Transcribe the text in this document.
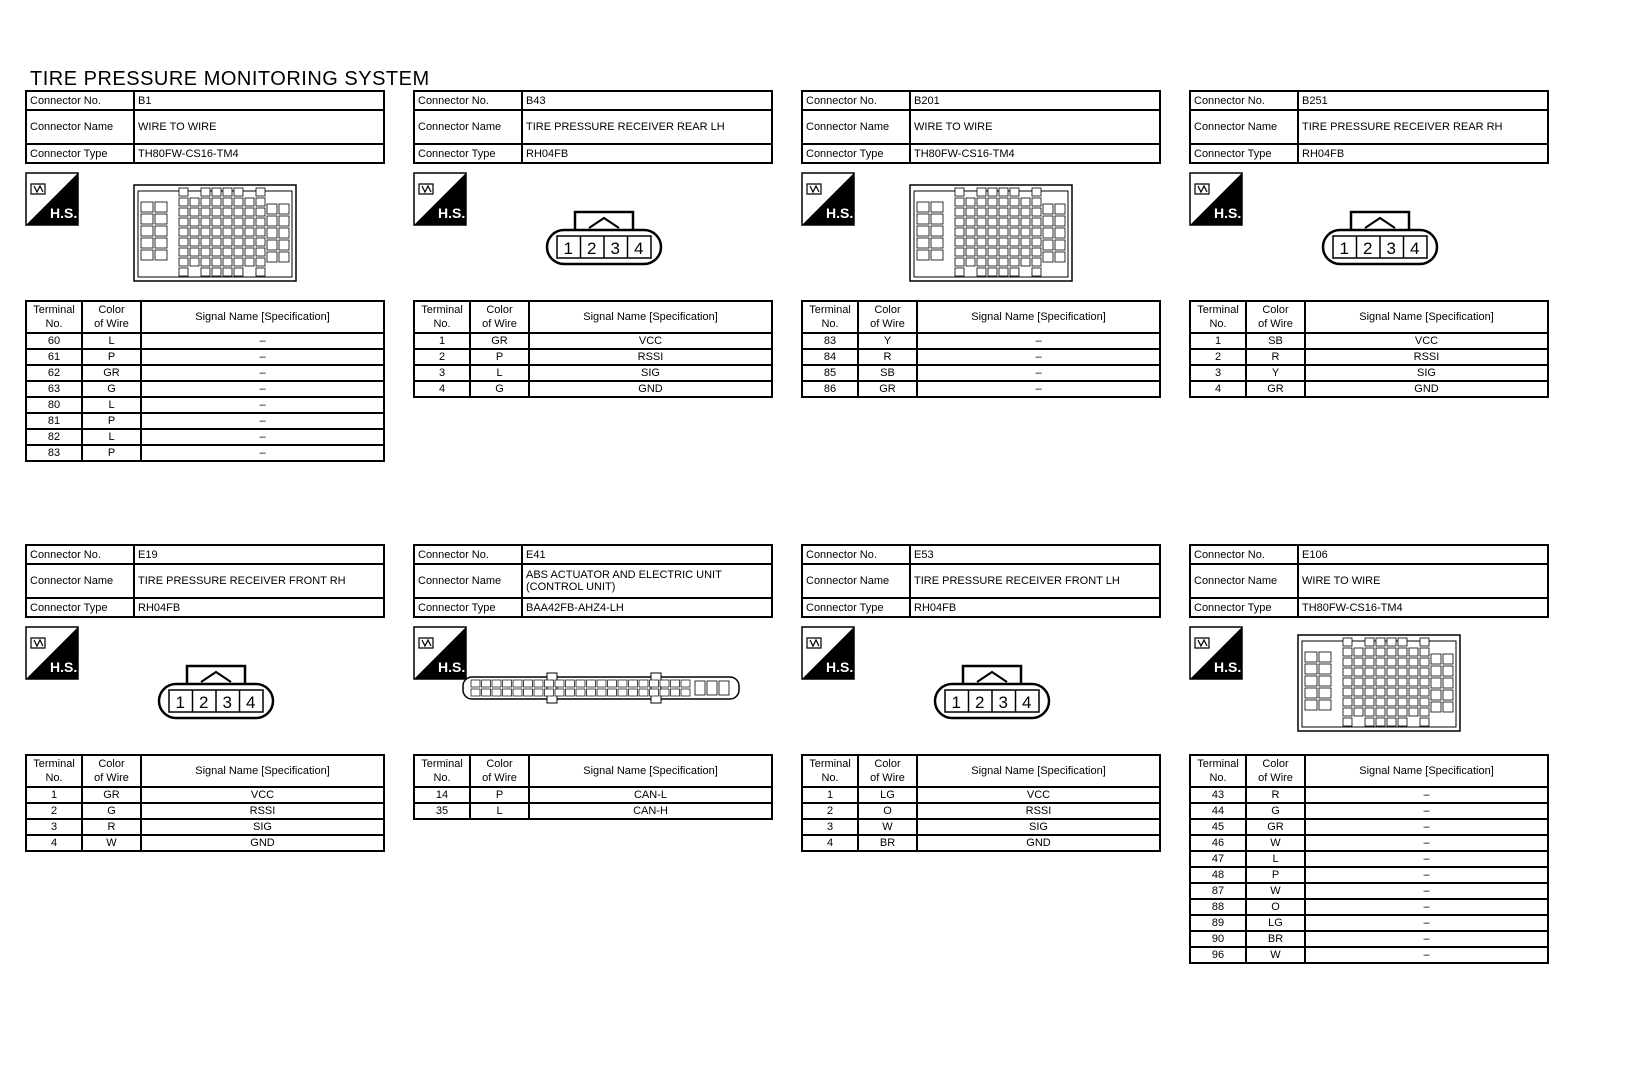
TIRE PRESSURE MONITORING SYSTEM
Connector No.	B1
Connector Name	WIRE TO WIRE
Connector Type	TH80FW-CS16-TM4
H.S.
Terminal
No.	Color
of Wire	Signal Name [Specification]
60	L	–
61	P	–
62	GR	–
63	G	–
80	L	–
81	P	–
82	L	–
83	P	–
Connector No.	B43
Connector Name	TIRE PRESSURE RECEIVER REAR LH
Connector Type	RH04FB
H.S.
1 2 3 4
Terminal
No.	Color
of Wire	Signal Name [Specification]
1	GR	VCC
2	P	RSSI
3	L	SIG
4	G	GND
Connector No.	B201
Connector Name	WIRE TO WIRE
Connector Type	TH80FW-CS16-TM4
H.S.
Terminal
No.	Color
of Wire	Signal Name [Specification]
83	Y	–
84	R	–
85	SB	–
86	GR	–
Connector No.	B251
Connector Name	TIRE PRESSURE RECEIVER REAR RH
Connector Type	RH04FB
H.S.
1 2 3 4
Terminal
No.	Color
of Wire	Signal Name [Specification]
1	SB	VCC
2	R	RSSI
3	Y	SIG
4	GR	GND
Connector No.	E19
Connector Name	TIRE PRESSURE RECEIVER FRONT RH
Connector Type	RH04FB
H.S.
1 2 3 4
Terminal
No.	Color
of Wire	Signal Name [Specification]
1	GR	VCC
2	G	RSSI
3	R	SIG
4	W	GND
Connector No.	E41
Connector Name	ABS ACTUATOR AND ELECTRIC UNIT (CONTROL UNIT)
Connector Type	BAA42FB-AHZ4-LH
H.S.
Terminal
No.	Color
of Wire	Signal Name [Specification]
14	P	CAN-L
35	L	CAN-H
Connector No.	E53
Connector Name	TIRE PRESSURE RECEIVER FRONT LH
Connector Type	RH04FB
H.S.
1 2 3 4
Terminal
No.	Color
of Wire	Signal Name [Specification]
1	LG	VCC
2	O	RSSI
3	W	SIG
4	BR	GND
Connector No.	E106
Connector Name	WIRE TO WIRE
Connector Type	TH80FW-CS16-TM4
H.S.
Terminal
No.	Color
of Wire	Signal Name [Specification]
43	R	–
44	G	–
45	GR	–
46	W	–
47	L	–
48	P	–
87	W	–
88	O	–
89	LG	–
90	BR	–
96	W	–
